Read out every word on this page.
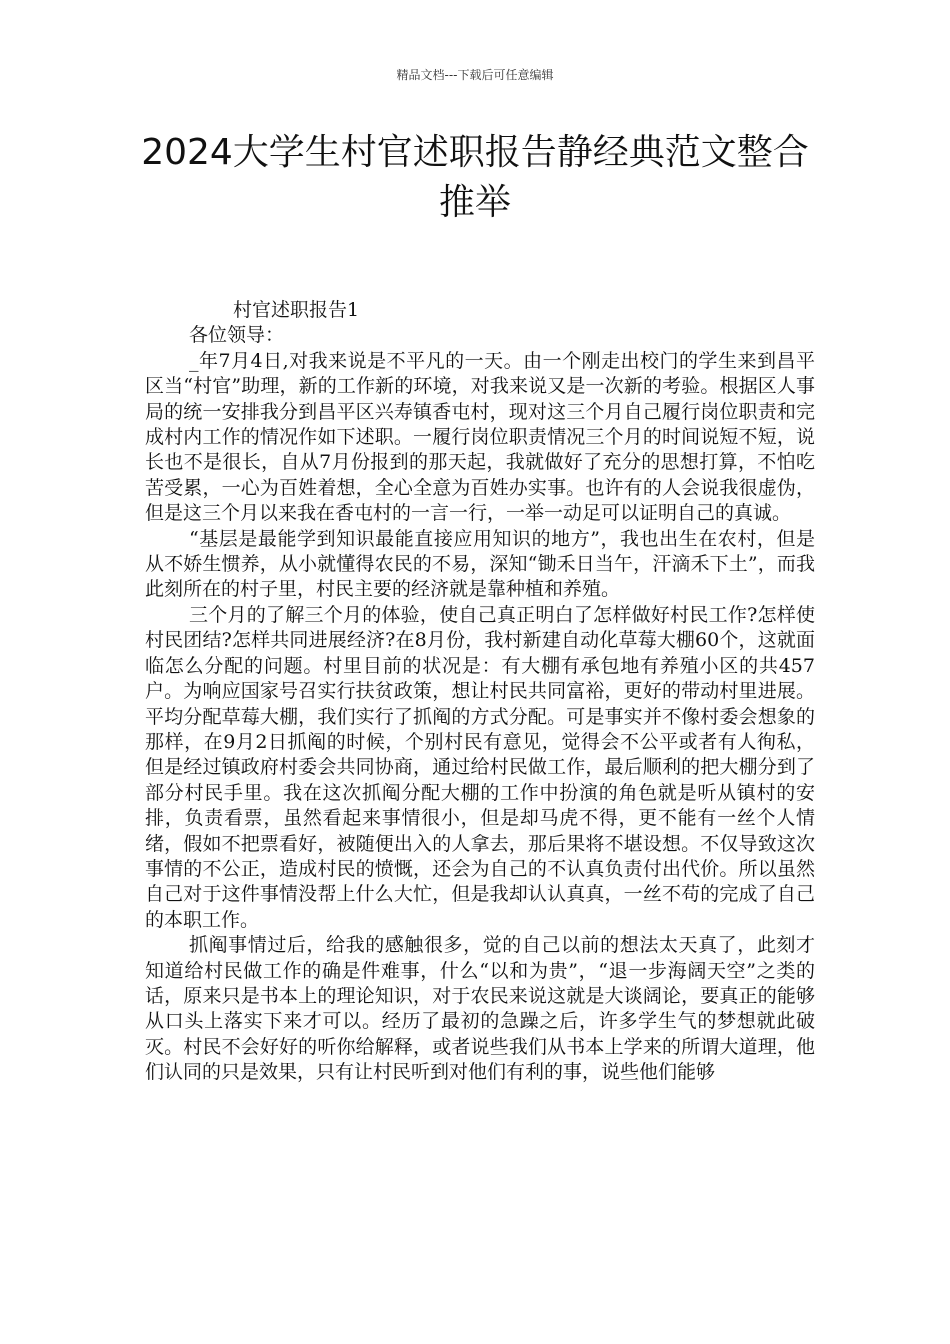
精品文档---下载后可任意编辑
2024大学生村官述职报告静经典范文整合推举

村官述职报告1

各位领导：

_年7月4日,对我来说是不平凡的一天。由一个刚走出校门的学生来到昌平区当“村官”助理，新的工作新的环境，对我来说又是一次新的考验。根据区人事局的统一安排我分到昌平区兴寿镇香屯村，现对这三个月自己履行岗位职责和完成村内工作的情况作如下述职。一履行岗位职责情况三个月的时间说短不短，说长也不是很长，自从7月份报到的那天起，我就做好了充分的思想打算，不怕吃苦受累，一心为百姓着想，全心全意为百姓办实事。也许有的人会说我很虚伪，但是这三个月以来我在香屯村的一言一行，一举一动足可以证明自己的真诚。

“基层是最能学到知识最能直接应用知识的地方”，我也出生在农村，但是从不娇生惯养，从小就懂得农民的不易，深知“锄禾日当午，汗滴禾下土”，而我此刻所在的村子里，村民主要的经济就是靠种植和养殖。

三个月的了解三个月的体验，使自己真正明白了怎样做好村民工作?怎样使村民团结?怎样共同进展经济?在8月份，我村新建自动化草莓大棚60个，这就面临怎么分配的问题。村里目前的状况是：有大棚有承包地有养殖小区的共457户。为响应国家号召实行扶贫政策，想让村民共同富裕，更好的带动村里进展。平均分配草莓大棚，我们实行了抓阄的方式分配。可是事实并不像村委会想象的那样，在9月2日抓阄的时候，个别村民有意见，觉得会不公平或者有人徇私，但是经过镇政府村委会共同协商，通过给村民做工作，最后顺利的把大棚分到了部分村民手里。我在这次抓阄分配大棚的工作中扮演的角色就是听从镇村的安排，负责看票，虽然看起来事情很小，但是却马虎不得，更不能有一丝个人情绪，假如不把票看好，被随便出入的人拿去，那后果将不堪设想。不仅导致这次事情的不公正，造成村民的愤慨，还会为自己的不认真负责付出代价。所以虽然自己对于这件事情没帮上什么大忙，但是我却认认真真，一丝不苟的完成了自己的本职工作。

抓阄事情过后，给我的感触很多，觉的自己以前的想法太天真了，此刻才知道给村民做工作的确是件难事，什么“以和为贵”，“退一步海阔天空”之类的话，原来只是书本上的理论知识，对于农民来说这就是大谈阔论，要真正的能够从口头上落实下来才可以。经历了最初的急躁之后，许多学生气的梦想就此破灭。村民不会好好的听你给解释，或者说些我们从书本上学来的所谓大道理，他们认同的只是效果，只有让村民听到对他们有利的事，说些他们能够
